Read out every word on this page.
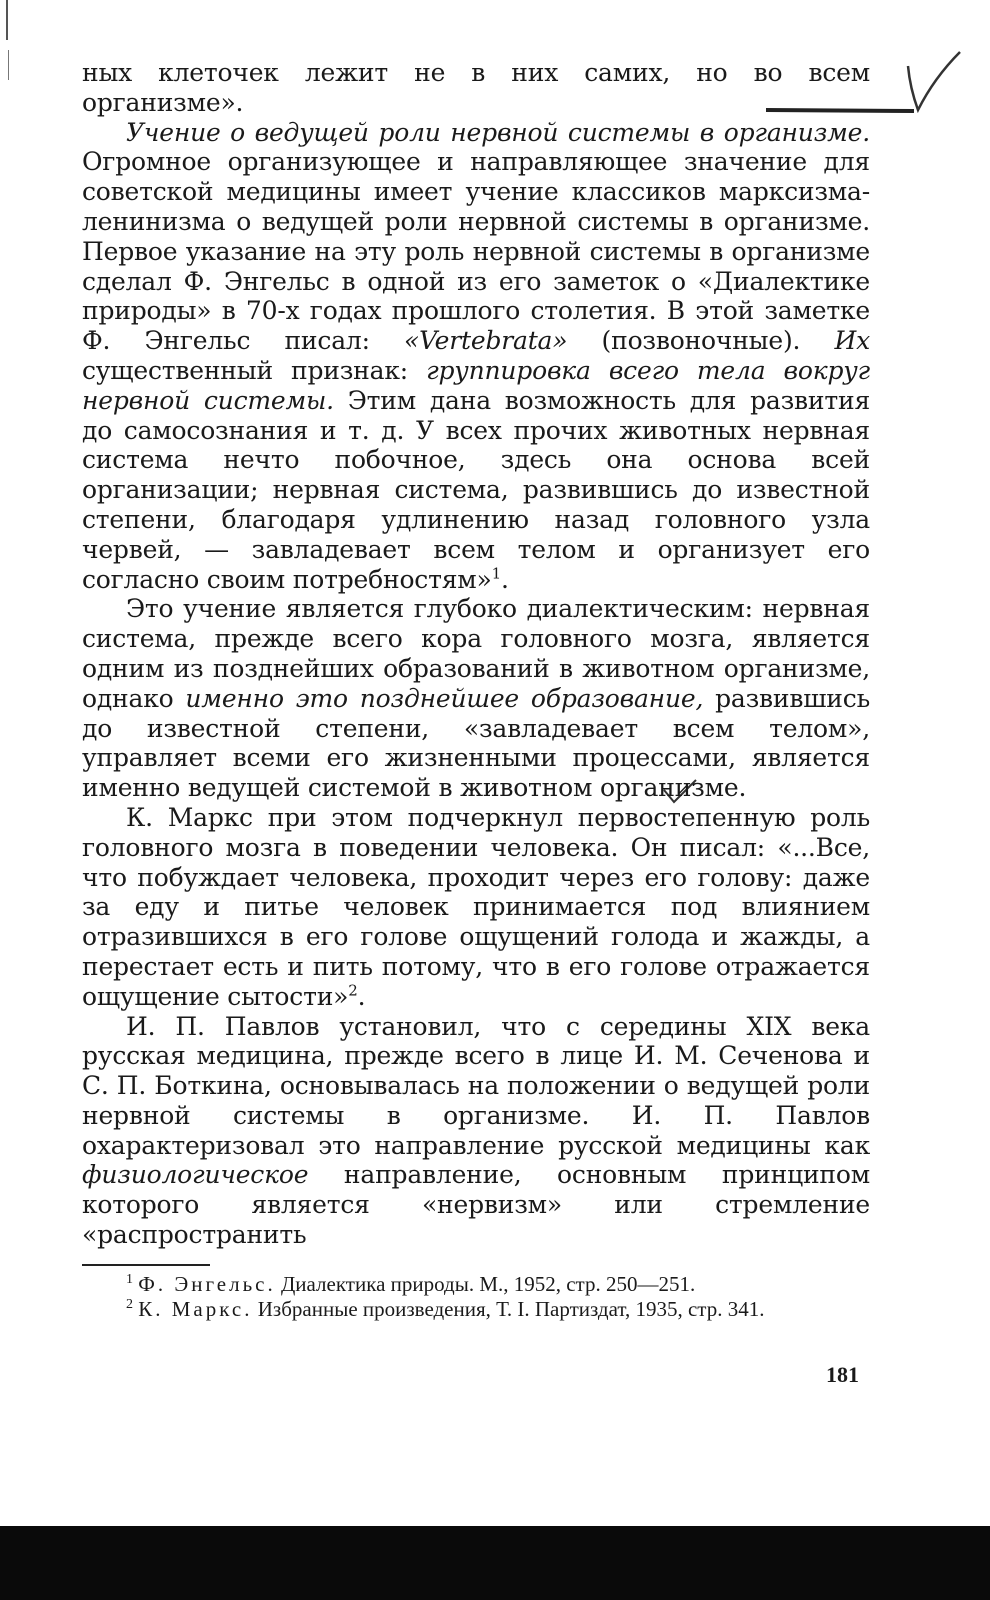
ных клеточек лежит не в них самих, но во всем организме».

Учение о ведущей роли нервной системы в организме. Огромное организующее и направляющее значение для советской медицины имеет учение классиков марксизма-ленинизма о ведущей роли нервной системы в организме. Первое указание на эту роль нервной системы в организме сделал Ф. Энгельс в одной из его заметок о «Диалектике природы» в 70-х годах прошлого столетия. В этой заметке Ф. Энгельс писал: «Vertebrata» (позвоночные). Их существенный признак: группировка всего тела вокруг нервной системы. Этим дана возможность для развития до самосознания и т. д. У всех прочих животных нервная система нечто побочное, здесь она основа всей организации; нервная система, развившись до известной степени, благодаря удлинению назад головного узла червей, — завладевает всем телом и организует его согласно своим потребностям»$^1$.

Это учение является глубоко диалектическим: нервная система, прежде всего кора головного мозга, является одним из позднейших образований в животном организме, однако именно это позднейшее образование, развившись до известной степени, «завладевает всем телом», управляет всеми его жизненными процессами, является именно ведущей системой в животном организме.

К. Маркс при этом подчеркнул первостепенную роль головного мозга в поведении человека. Он писал: «...Все, что побуждает человека, проходит через его голову: даже за еду и питье человек принимается под влиянием отразившихся в его голове ощущений голода и жажды, а перестает есть и пить потому, что в его голове отражается ощущение сытости»$^2$.

И. П. Павлов установил, что с середины XIX века русская медицина, прежде всего в лице И. М. Сеченова и С. П. Боткина, основывалась на положении о ведущей роли нервной системы в организме. И. П. Павлов охарактеризовал это направление русской медицины как физиологическое направление, основным принципом которого является «нервизм» или стремление «распространить

$^1$ Ф. Энгельс. Диалектика природы. М., 1952, стр. 250—251.

$^2$ К. Маркс. Избранные произведения, Т. I. Партиздат, 1935, стр. 341.

181
